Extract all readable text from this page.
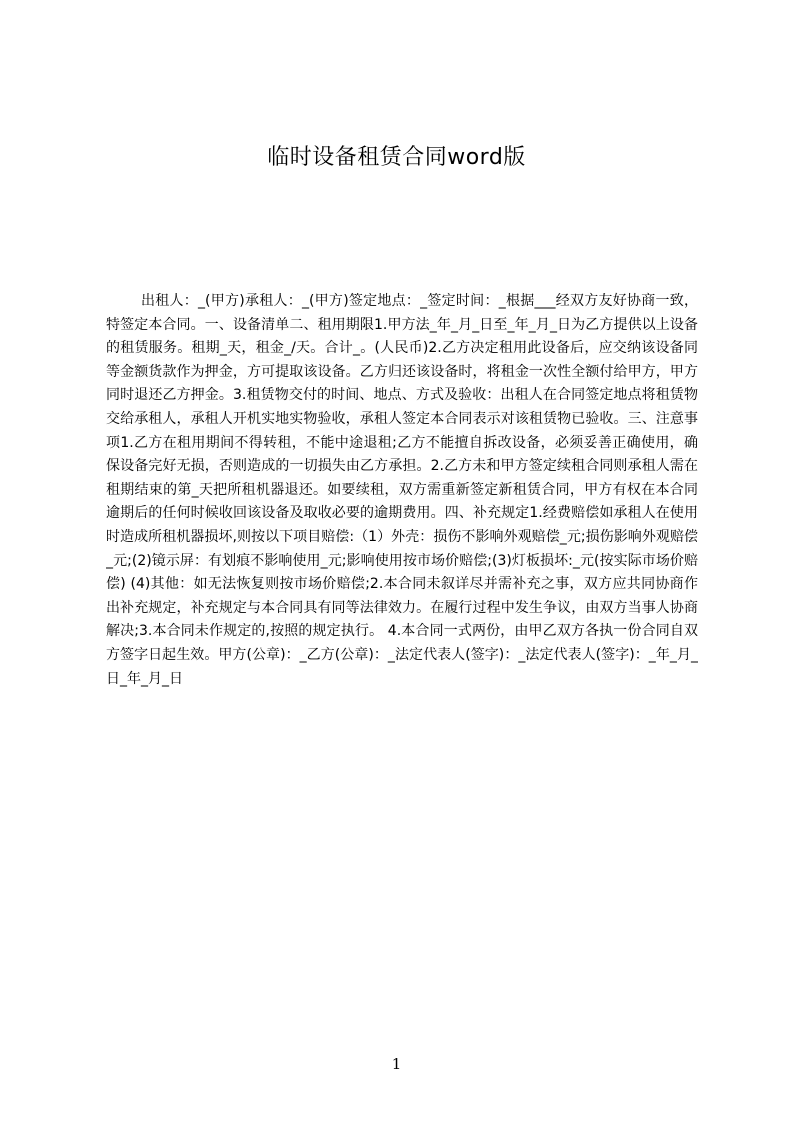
临时设备租赁合同word版
出租人：_(甲方)承租人：_(甲方)签定地点：_签定时间：_根据___经双方友好协商一致，特签定本合同。一、设备清单二、租用期限1.甲方法_年_月_日至_年_月_日为乙方提供以上设备的租赁服务。租期_天，租金_/天。合计_。(人民币)2.乙方决定租用此设备后，应交纳该设备同等金额货款作为押金，方可提取该设备。乙方归还该设备时，将租金一次性全额付给甲方，甲方同时退还乙方押金。3.租赁物交付的时间、地点、方式及验收：出租人在合同签定地点将租赁物交给承租人，承租人开机实地实物验收，承租人签定本合同表示对该租赁物已验收。三、注意事项1.乙方在租用期间不得转租，不能中途退租;乙方不能擅自拆改设备，必须妥善正确使用，确保设备完好无损，否则造成的一切损失由乙方承担。2.乙方未和甲方签定续租合同则承租人需在租期结束的第_天把所租机器退还。如要续租，双方需重新签定新租赁合同，甲方有权在本合同逾期后的任何时候收回该设备及取收必要的逾期费用。四、补充规定1.经费赔偿如承租人在使用时造成所租机器损坏,则按以下项目赔偿:（1）外壳：损伤不影响外观赔偿_元;损伤影响外观赔偿_元;(2)镜示屏：有划痕不影响使用_元;影响使用按市场价赔偿;(3)灯板损坏:_元(按实际市场价赔偿) (4)其他：如无法恢复则按市场价赔偿;2.本合同未叙详尽并需补充之事，双方应共同协商作出补充规定，补充规定与本合同具有同等法律效力。在履行过程中发生争议，由双方当事人协商解决;3.本合同未作规定的,按照的规定执行。 4.本合同一式两份，由甲乙双方各执一份合同自双方签字日起生效。甲方(公章)：_乙方(公章)：_法定代表人(签字)：_法定代表人(签字)：_年_月_日_年_月_日
1
